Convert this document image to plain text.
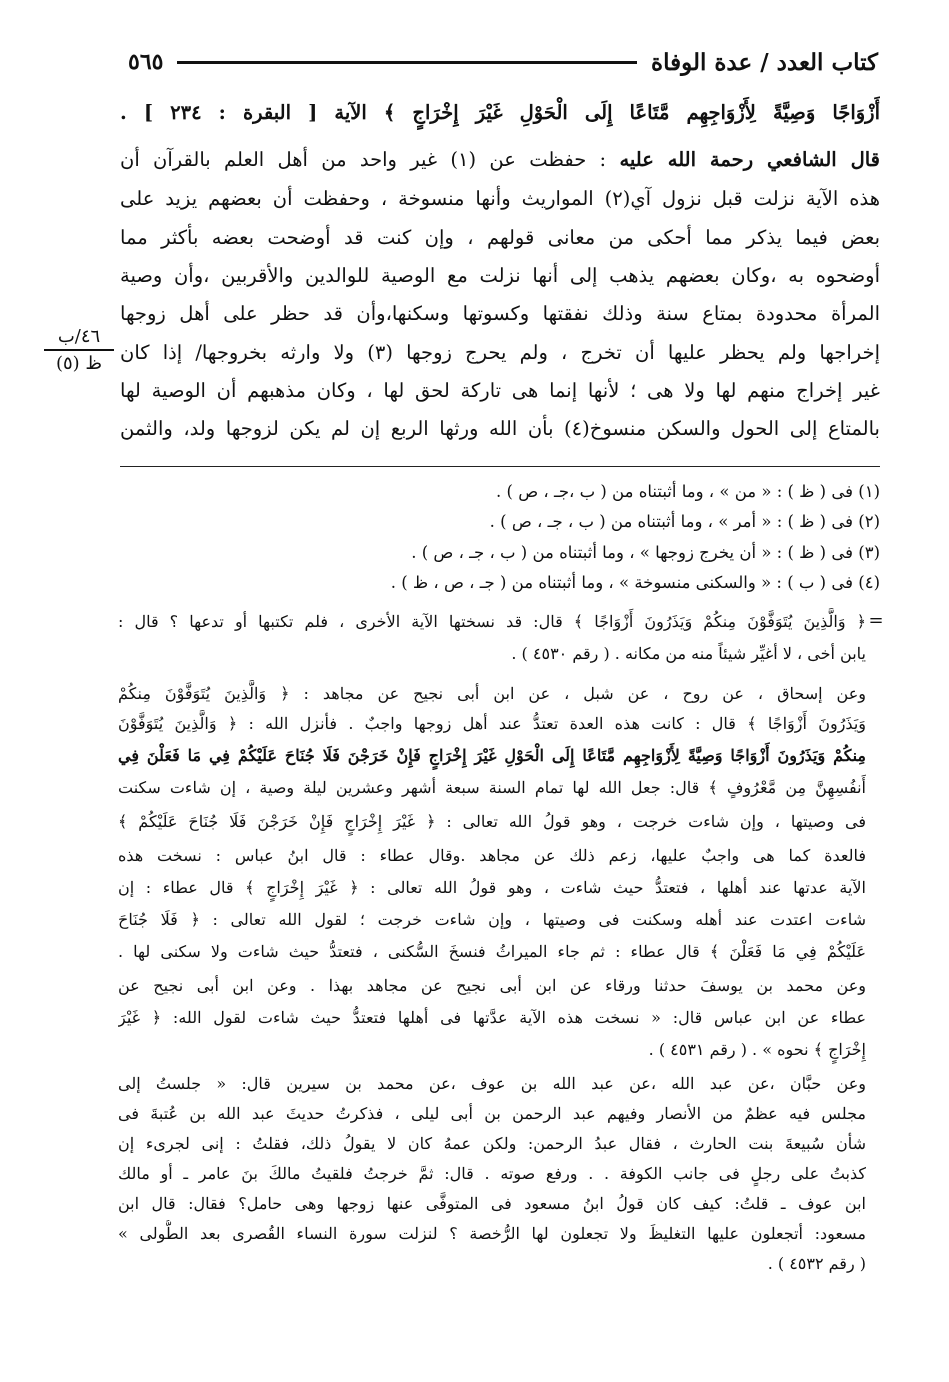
كتاب العدد / عدة الوفاة
٥٦٥
أَزْوَاجًا وَصِيَّةً لِأَزْوَاجِهِم مَّتَاعًا إِلَى الْحَوْلِ غَيْرَ إِخْرَاجٍ ﴾ الآية [ البقرة : ٢٣٤ ] .
قال الشافعي رحمة الله عليه : حفظت عن (١) غير واحد من أهل العلم بالقرآن أن
هذه الآية نزلت قبل نزول آي(٢) المواريث وأنها منسوخة ، وحفظت أن بعضهم يزيد على
بعض فيما يذكر مما أحكى من معانى قولهم ، وإن كنت قد أوضحت بعضه بأكثر مما
أوضحوه به ،وكان بعضهم يذهب إلى أنها نزلت مع الوصية للوالدين والأقربين ،وأن وصية
المرأة محدودة بمتاع سنة وذلك نفقتها وكسوتها وسكنها،وأن قد حظر على أهل زوجها
إخراجها ولم يحظر عليها أن تخرج ، ولم يحرج زوجها (٣) ولا وارثه بخروجها/ إذا كان
غير إخراج منهم لها ولا هى ؛ لأنها إنما هى تاركة لحق لها ، وكان مذهبهم أن الوصية لها
بالمتاع إلى الحول والسكن منسوخ(٤) بأن الله ورثها الربع إن لم يكن لزوجها ولد، والثمن
٤٦/ب
ظ (٥)
(١) فى ( ظ ) : « من » ، وما أثبتناه من ( ب ،جـ ، ص ) .
(٢) فى ( ظ ) : « أمر » ، وما أثبتناه من ( ب ، جـ ، ص ) .
(٣) فى ( ظ ) : « أن يخرج زوجها » ، وما أثبتناه من ( ب ، جـ ، ص ) .
(٤) فى ( ب ) : « والسكنى منسوخة » ، وما أثبتناه من ( جـ ، ص ، ظ ) .
=
﴿ وَالَّذِينَ يُتَوَفَّوْنَ مِنكُمْ وَيَذَرُونَ أَزْوَاجًا ﴾ قال: قد نسختها الآية الأخرى ، فلم تكتبها أو تدعها ؟ قال :
يابن أخى ، لا أغيِّر شيئاً منه من مكانه . ( رقم ٤٥٣٠ ) .
وعن إسحاق ، عن روح ، عن شبل ، عن ابن أبى نجيح عن مجاهد : ﴿ وَالَّذِينَ يُتَوَفَّوْنَ مِنكُمْ
وَيَذَرُونَ أَزْوَاجًا ﴾ قال : كانت هذه العدة تعتدُّ عند أهل زوجها واجبٌ . فأنزل الله : ﴿ وَالَّذِينَ يُتَوَفَّوْنَ
مِنكُمْ وَيَذَرُونَ أَزْوَاجًا وَصِيَّةً لِأَزْوَاجِهِم مَّتَاعًا إِلَى الْحَوْلِ غَيْرَ إِخْرَاجٍ فَإِنْ خَرَجْنَ فَلَا جُنَاحَ عَلَيْكُمْ فِي مَا فَعَلْنَ فِي
أَنفُسِهِنَّ مِن مَّعْرُوفٍ ﴾ قال: جعل الله لها تمام السنة سبعة أشهر وعشرين ليلة وصية ، إن شاءت سكنت
فى وصيتها ، وإن شاءت خرجت ، وهو قولُ الله تعالى : ﴿ غَيْرَ إِخْرَاجٍ فَإِنْ خَرَجْنَ فَلَا جُنَاحَ عَلَيْكُمْ ﴾
فالعدة كما هى واجبٌ عليها، زعم ذلك عن مجاهد .وقال عطاء : قال ابنُ عباس : نسخت هذه
الآية عدتها عند أهلها ، فتعتدُّ حيث شاءت ، وهو قولُ الله تعالى : ﴿ غَيْرَ إِخْرَاجٍ ﴾ قال عطاء : إن
شاءت اعتدت عند أهله وسكنت فى وصيتها ، وإن شاءت خرجت ؛ لقول الله تعالى : ﴿ فَلَا جُنَاحَ
عَلَيْكُمْ فِي مَا فَعَلْنَ ﴾ قال عطاء : ثم جاء الميراثُ فنسخَ السُّكنى ، فتعتدُّ حيث شاءت ولا سكنى لها .
وعن محمد بن يوسفَ حدثنا ورقاء عن ابن أبى نجيح عن مجاهد بهذا . وعن ابن أبى نجيح عن
عطاء عن ابن عباس قال: « نسخت هذه الآية عدَّتها فى أهلها فتعتدُّ حيث شاءت لقول الله: ﴿ غَيْرَ
إِخْرَاجٍ ﴾ نحوه » . ( رقم ٤٥٣١ ) .
وعن حبَّان ،عن عبد الله ،عن عبد الله بن عوف ،عن محمد بن سيرين قال: « جلستُ إلى
مجلس فيه عظمٌ من الأنصار وفيهم عبد الرحمن بن أبى ليلى ، فذكرتُ حديثَ عبد الله بن عُتبةَ فى
شأن سُبيعةَ بنت الحارث ، فقال عبدُ الرحمن: ولكن عمهُ كان لا يقولُ ذلك، فقلتُ : إنى لجرىء إن
كذبتُ على رجلٍ فى جانب الكوفة . . ورفع صوته . قال: ثمَّ خرجتُ فلقيتُ مالكَ بنَ عامر ـ أو مالك
ابن عوف ـ قلتُ: كيف كان قولُ ابنُ مسعود فى المتوفَّى عنها زوجها وهى حامل؟ فقال: قال ابن
مسعود: أتجعلون عليها التغليظَ ولا تجعلون لها الرُّخصة ؟ لنزلت سورة النساء القُصرى بعد الطُّولى »
( رقم ٤٥٣٢ ) .
